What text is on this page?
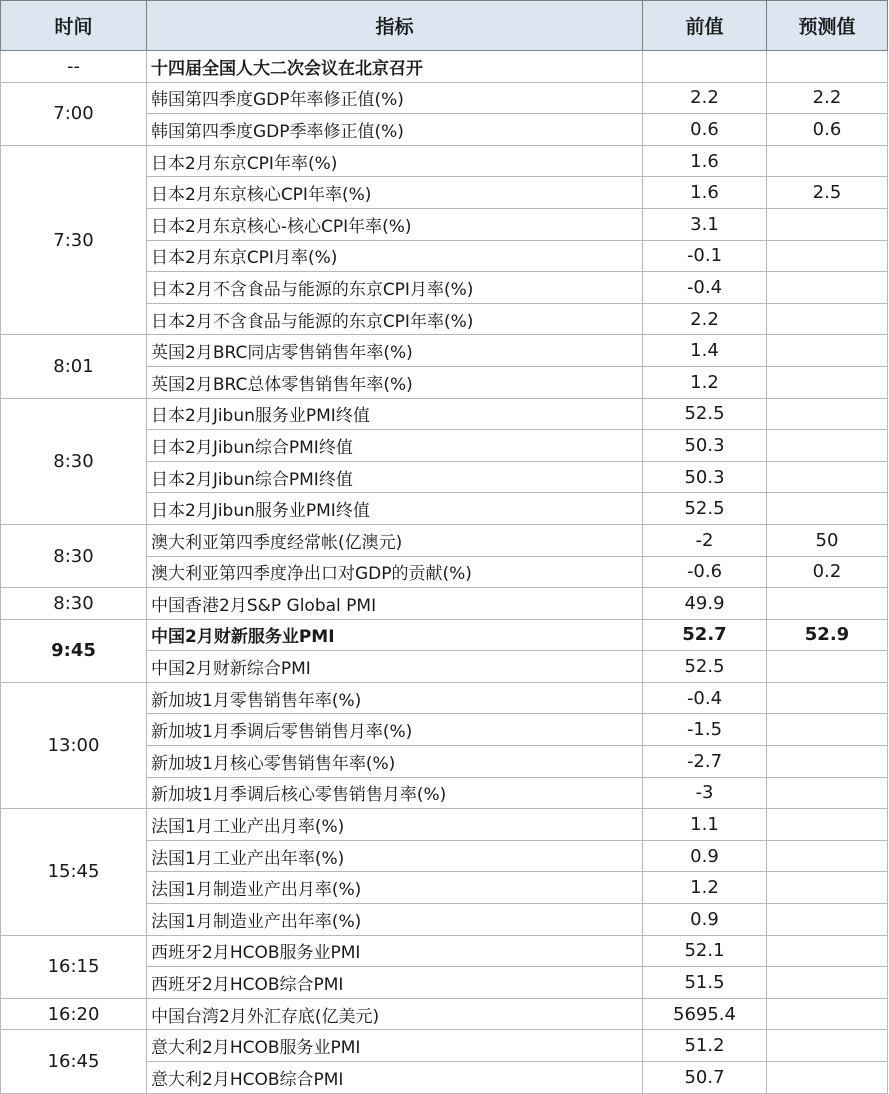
时间	指标	前值	预测值
--	十四届全国人大二次会议在北京召开		
7:00	韩国第四季度GDP年率修正值(%)	2.2	2.2
	韩国第四季度GDP季率修正值(%)	0.6	0.6
7:30	日本2月东京CPI年率(%)	1.6	
	日本2月东京核心CPI年率(%)	1.6	2.5
	日本2月东京核心-核心CPI年率(%)	3.1	
	日本2月东京CPI月率(%)	-0.1	
	日本2月不含食品与能源的东京CPI月率(%)	-0.4	
	日本2月不含食品与能源的东京CPI年率(%)	2.2	
8:01	英国2月BRC同店零售销售年率(%)	1.4	
	英国2月BRC总体零售销售年率(%)	1.2	
8:30	日本2月Jibun服务业PMI终值	52.5	
	日本2月Jibun综合PMI终值	50.3	
	日本2月Jibun综合PMI终值	50.3	
	日本2月Jibun服务业PMI终值	52.5	
8:30	澳大利亚第四季度经常帐(亿澳元)	-2	50
	澳大利亚第四季度净出口对GDP的贡献(%)	-0.6	0.2
8:30	中国香港2月S&P Global PMI	49.9	
9:45	中国2月财新服务业PMI	52.7	52.9
	中国2月财新综合PMI	52.5	
13:00	新加坡1月零售销售年率(%)	-0.4	
	新加坡1月季调后零售销售月率(%)	-1.5	
	新加坡1月核心零售销售年率(%)	-2.7	
	新加坡1月季调后核心零售销售月率(%)	-3	
15:45	法国1月工业产出月率(%)	1.1	
	法国1月工业产出年率(%)	0.9	
	法国1月制造业产出月率(%)	1.2	
	法国1月制造业产出年率(%)	0.9	
16:15	西班牙2月HCOB服务业PMI	52.1	
	西班牙2月HCOB综合PMI	51.5	
16:20	中国台湾2月外汇存底(亿美元)	5695.4	
16:45	意大利2月HCOB服务业PMI	51.2	
	意大利2月HCOB综合PMI	50.7	
